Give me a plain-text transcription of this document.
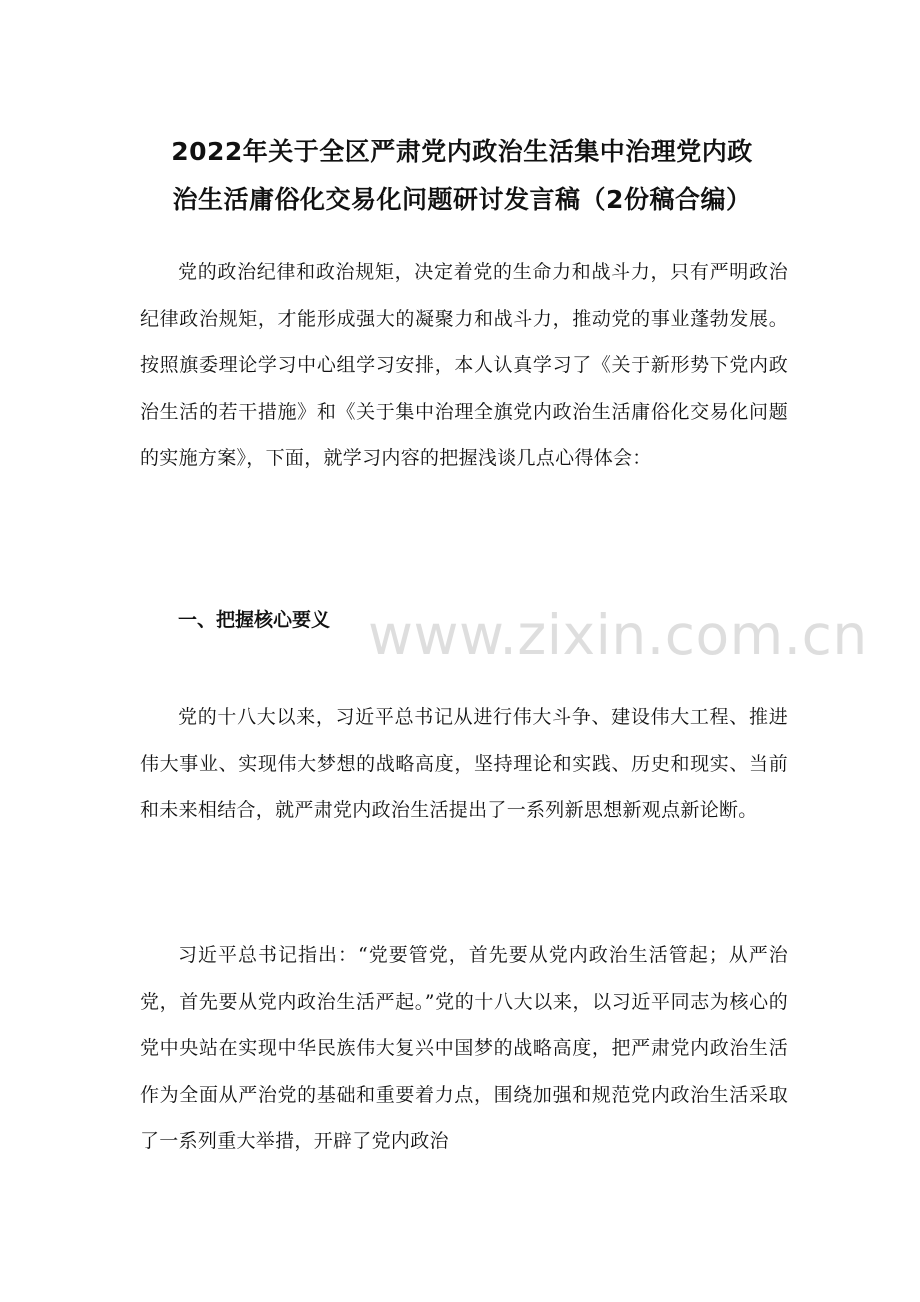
2022年关于全区严肃党内政治生活集中治理党内政
治生活庸俗化交易化问题研讨发言稿（2份稿合编）

党的政治纪律和政治规矩，决定着党的生命力和战斗力，只有严明政治纪律政治规矩，才能形成强大的凝聚力和战斗力，推动党的事业蓬勃发展。按照旗委理论学习中心组学习安排，本人认真学习了《关于新形势下党内政治生活的若干措施》和《关于集中治理全旗党内政治生活庸俗化交易化问题的实施方案》，下面，就学习内容的把握浅谈几点心得体会：

一、把握核心要义

党的十八大以来，习近平总书记从进行伟大斗争、建设伟大工程、推进伟大事业、实现伟大梦想的战略高度，坚持理论和实践、历史和现实、当前和未来相结合，就严肃党内政治生活提出了一系列新思想新观点新论断。

习近平总书记指出：“党要管党，首先要从党内政治生活管起；从严治党，首先要从党内政治生活严起。”党的十八大以来，以习近平同志为核心的党中央站在实现中华民族伟大复兴中国梦的战略高度，把严肃党内政治生活作为全面从严治党的基础和重要着力点，围绕加强和规范党内政治生活采取了一系列重大举措，开辟了党内政治

www.zixin.com.cn
